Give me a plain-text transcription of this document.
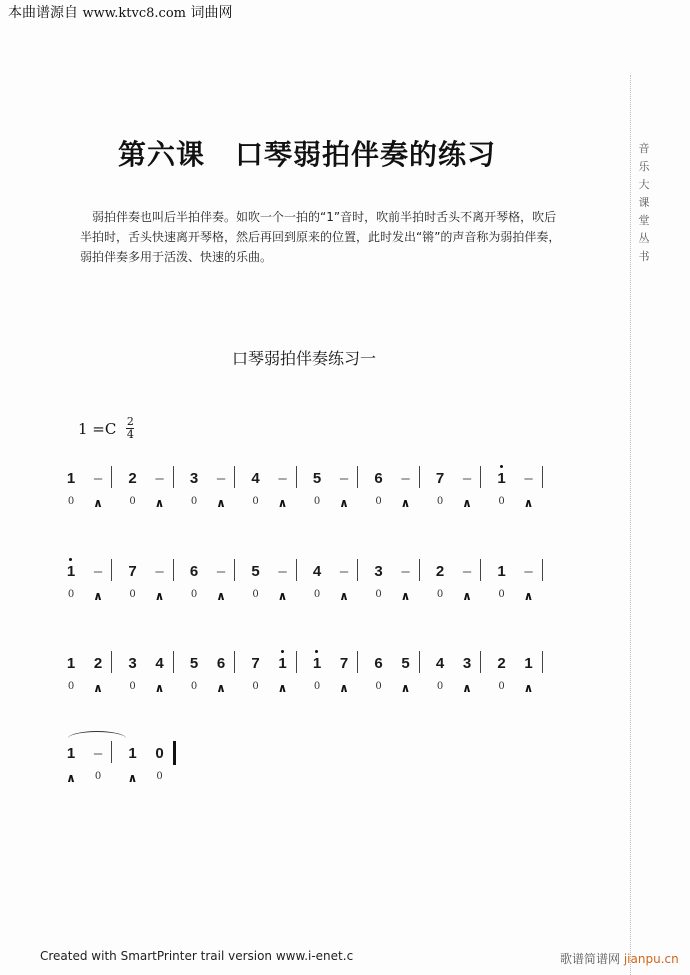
本曲谱源自 www.ktvc8.com 词曲网
音
乐
大
课
堂
丛
书
第六课 口琴弱拍伴奏的练习

弱拍伴奏也叫后半拍伴奏。如吹一个一拍的“1”音时，吹前半拍时舌头不离开琴格，吹后半拍时，舌头快速离开琴格，然后再回到原来的位置，此时发出“锵”的声音称为弱拍伴奏，弱拍伴奏多用于活泼、快速的乐曲。

口琴弱拍伴奏练习一
1 =C 2
4
1
0
–
∧
2
0
–
∧
3
0
–
∧
4
0
–
∧
5
0
–
∧
6
0
–
∧
7
0
–
∧
1
0
–
∧
1
0
–
∧
7
0
–
∧
6
0
–
∧
5
0
–
∧
4
0
–
∧
3
0
–
∧
2
0
–
∧
1
0
–
∧
1
0
2
∧
3
0
4
∧
5
0
6
∧
7
0
1
∧
1
0
7
∧
6
0
5
∧
4
0
3
∧
2
0
1
∧
1
∧
–
0
1
∧
0
0
Created with SmartPrinter trail version www.i-enet.c	歌谱简谱网 jianpu.cn
